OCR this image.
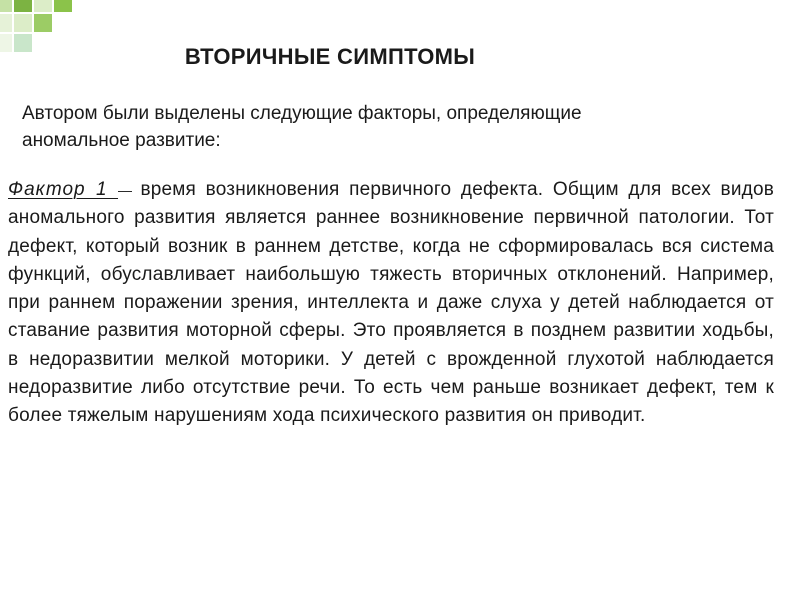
ВТОРИЧНЫЕ СИМПТОМЫ
Автором были выделены следующие факторы, определяющие аномальное развитие:
Фактор 1 — время возникновения первичного дефекта. Общим для всех видов аномального развития является раннее возникновение первичной патологии. Тот дефект, который возник в раннем детстве, когда не сформировалась вся система функций, обуславливает наибольшую тяжесть вторичных отклонений. Например, при раннем поражении зрения, интеллекта и даже слуха у детей наблюдается от ставание развития моторной сферы. Это проявляется в позднем развитии ходьбы, в недоразвитии мелкой моторики. У детей с врожденной глухотой наблюдается недоразвитие либо отсутствие речи. То есть чем раньше возникает дефект, тем к более тяжелым нарушениям хода психического развития он приводит.
